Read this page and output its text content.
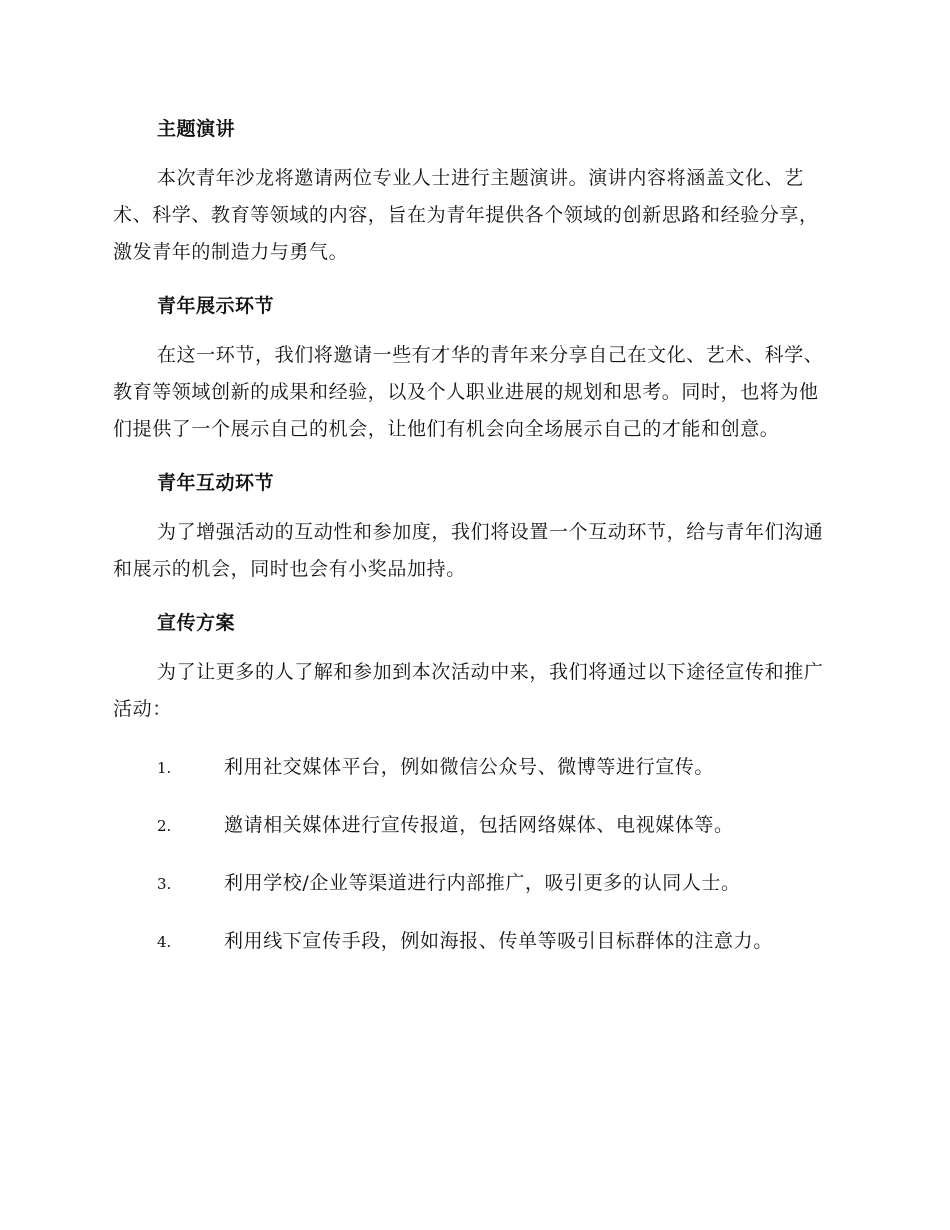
主题演讲

本次青年沙龙将邀请两位专业人士进行主题演讲。演讲内容将涵盖文化、艺术、科学、教育等领域的内容，旨在为青年提供各个领域的创新思路和经验分享，激发青年的制造力与勇气。

青年展示环节

在这一环节，我们将邀请一些有才华的青年来分享自己在文化、艺术、科学、教育等领域创新的成果和经验，以及个人职业进展的规划和思考。同时，也将为他们提供了一个展示自己的机会，让他们有机会向全场展示自己的才能和创意。

青年互动环节

为了增强活动的互动性和参加度，我们将设置一个互动环节，给与青年们沟通和展示的机会，同时也会有小奖品加持。

宣传方案

为了让更多的人了解和参加到本次活动中来，我们将通过以下途径宣传和推广活动：

1.	利用社交媒体平台，例如微信公众号、微博等进行宣传。
2.	邀请相关媒体进行宣传报道，包括网络媒体、电视媒体等。
3.	利用学校/企业等渠道进行内部推广，吸引更多的认同人士。
4.	利用线下宣传手段，例如海报、传单等吸引目标群体的注意力。
